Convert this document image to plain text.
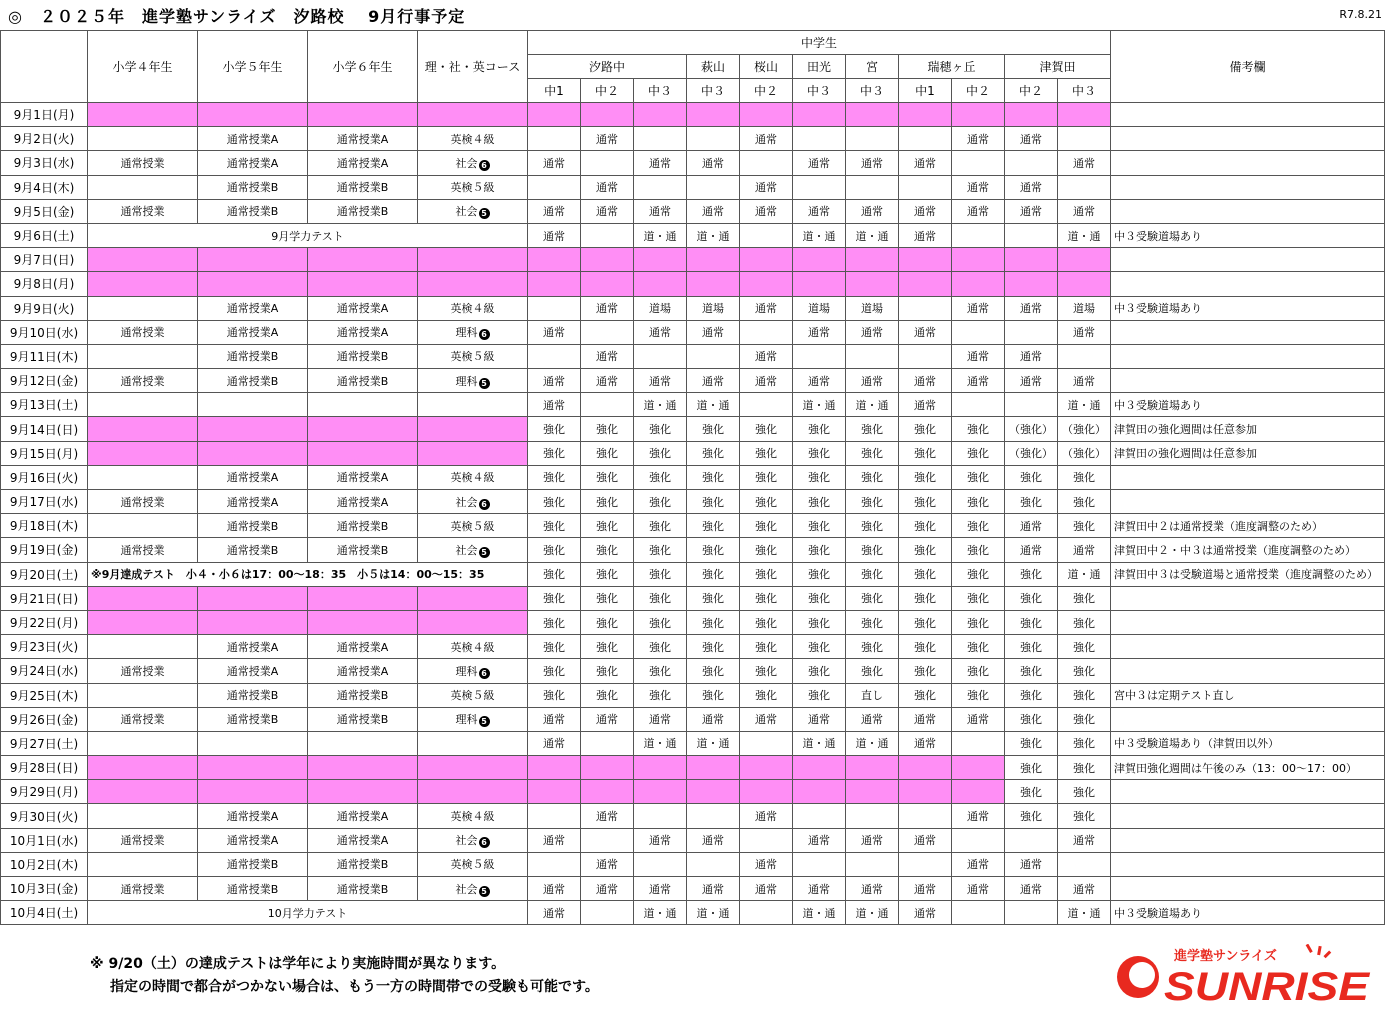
◎　２０２５年　進学塾サンライズ　汐路校　 9月行事予定	R7.8.21
	小学４年生	小学５年生	小学６年生	理・社・英コース	中学生											備考欄
					汐路中			萩山	桜山	田光	宮	瑞穂ヶ丘		津賀田		
					中1	中２	中３	中３	中２	中３	中３	中1	中２	中２	中３	
9月1日(月)																
9月2日(火)		通常授業A	通常授業A	英検４級		通常			通常				通常	通常		
9月3日(水)	通常授業	通常授業A	通常授業A	社会 6	通常		通常	通常		通常	通常	通常			通常	
9月4日(木)		通常授業B	通常授業B	英検５級		通常			通常				通常	通常		
9月5日(金)	通常授業	通常授業B	通常授業B	社会 5	通常	通常	通常	通常	通常	通常	通常	通常	通常	通常	通常	
9月6日(土)	9月学力テスト				通常		道・通	道・通		道・通	道・通	通常			道・通	中３受験道場あり
9月7日(日)																
9月8日(月)																
9月9日(火)		通常授業A	通常授業A	英検４級		通常	道場	道場	通常	道場	道場		通常	通常	道場	中３受験道場あり
9月10日(水)	通常授業	通常授業A	通常授業A	理科 6	通常		通常	通常		通常	通常	通常			通常	
9月11日(木)		通常授業B	通常授業B	英検５級		通常			通常				通常	通常		
9月12日(金)	通常授業	通常授業B	通常授業B	理科 5	通常	通常	通常	通常	通常	通常	通常	通常	通常	通常	通常	
9月13日(土)					通常		道・通	道・通		道・通	道・通	通常			道・通	中３受験道場あり
9月14日(日)					強化	強化	強化	強化	強化	強化	強化	強化	強化	（強化）	（強化）	津賀田の強化週間は任意参加
9月15日(月)					強化	強化	強化	強化	強化	強化	強化	強化	強化	（強化）	（強化）	津賀田の強化週間は任意参加
9月16日(火)		通常授業A	通常授業A	英検４級	強化	強化	強化	強化	強化	強化	強化	強化	強化	強化	強化	
9月17日(水)	通常授業	通常授業A	通常授業A	社会 6	強化	強化	強化	強化	強化	強化	強化	強化	強化	強化	強化	
9月18日(木)		通常授業B	通常授業B	英検５級	強化	強化	強化	強化	強化	強化	強化	強化	強化	通常	強化	津賀田中２は通常授業（進度調整のため）
9月19日(金)	通常授業	通常授業B	通常授業B	社会 5	強化	強化	強化	強化	強化	強化	強化	強化	強化	通常	通常	津賀田中２・中３は通常授業（進度調整のため）
9月20日(土)	※9月達成テスト　小４・小６は17：00～18：35　小５は14：00～15：35				強化	強化	強化	強化	強化	強化	強化	強化	強化	強化	道・通	津賀田中３は受験道場と通常授業（進度調整のため）
9月21日(日)					強化	強化	強化	強化	強化	強化	強化	強化	強化	強化	強化	
9月22日(月)					強化	強化	強化	強化	強化	強化	強化	強化	強化	強化	強化	
9月23日(火)		通常授業A	通常授業A	英検４級	強化	強化	強化	強化	強化	強化	強化	強化	強化	強化	強化	
9月24日(水)	通常授業	通常授業A	通常授業A	理科 6	強化	強化	強化	強化	強化	強化	強化	強化	強化	強化	強化	
9月25日(木)		通常授業B	通常授業B	英検５級	強化	強化	強化	強化	強化	強化	直し	強化	強化	強化	強化	宮中３は定期テスト直し
9月26日(金)	通常授業	通常授業B	通常授業B	理科 5	通常	通常	通常	通常	通常	通常	通常	通常	通常	強化	強化	
9月27日(土)					通常		道・通	道・通		道・通	道・通	通常		強化	強化	中３受験道場あり（津賀田以外）
9月28日(日)														強化	強化	津賀田強化週間は午後のみ（13：00～17：00）
9月29日(月)														強化	強化	
9月30日(火)		通常授業A	通常授業A	英検４級		通常			通常				通常	強化	強化	
10月1日(水)	通常授業	通常授業A	通常授業A	社会 6	通常		通常	通常		通常	通常	通常			通常	
10月2日(木)		通常授業B	通常授業B	英検５級		通常			通常				通常	通常		
10月3日(金)	通常授業	通常授業B	通常授業B	社会 5	通常	通常	通常	通常	通常	通常	通常	通常	通常	通常	通常	
10月4日(土)	10月学力テスト				通常		道・通	道・通		道・通	道・通	通常			道・通	中３受験道場あり
※ 9/20（土）の達成テストは学年により実施時間が異なります。
指定の時間で都合がつかない場合は、もう一方の時間帯での受験も可能です。
進学塾サンライズ
SUNRISE
